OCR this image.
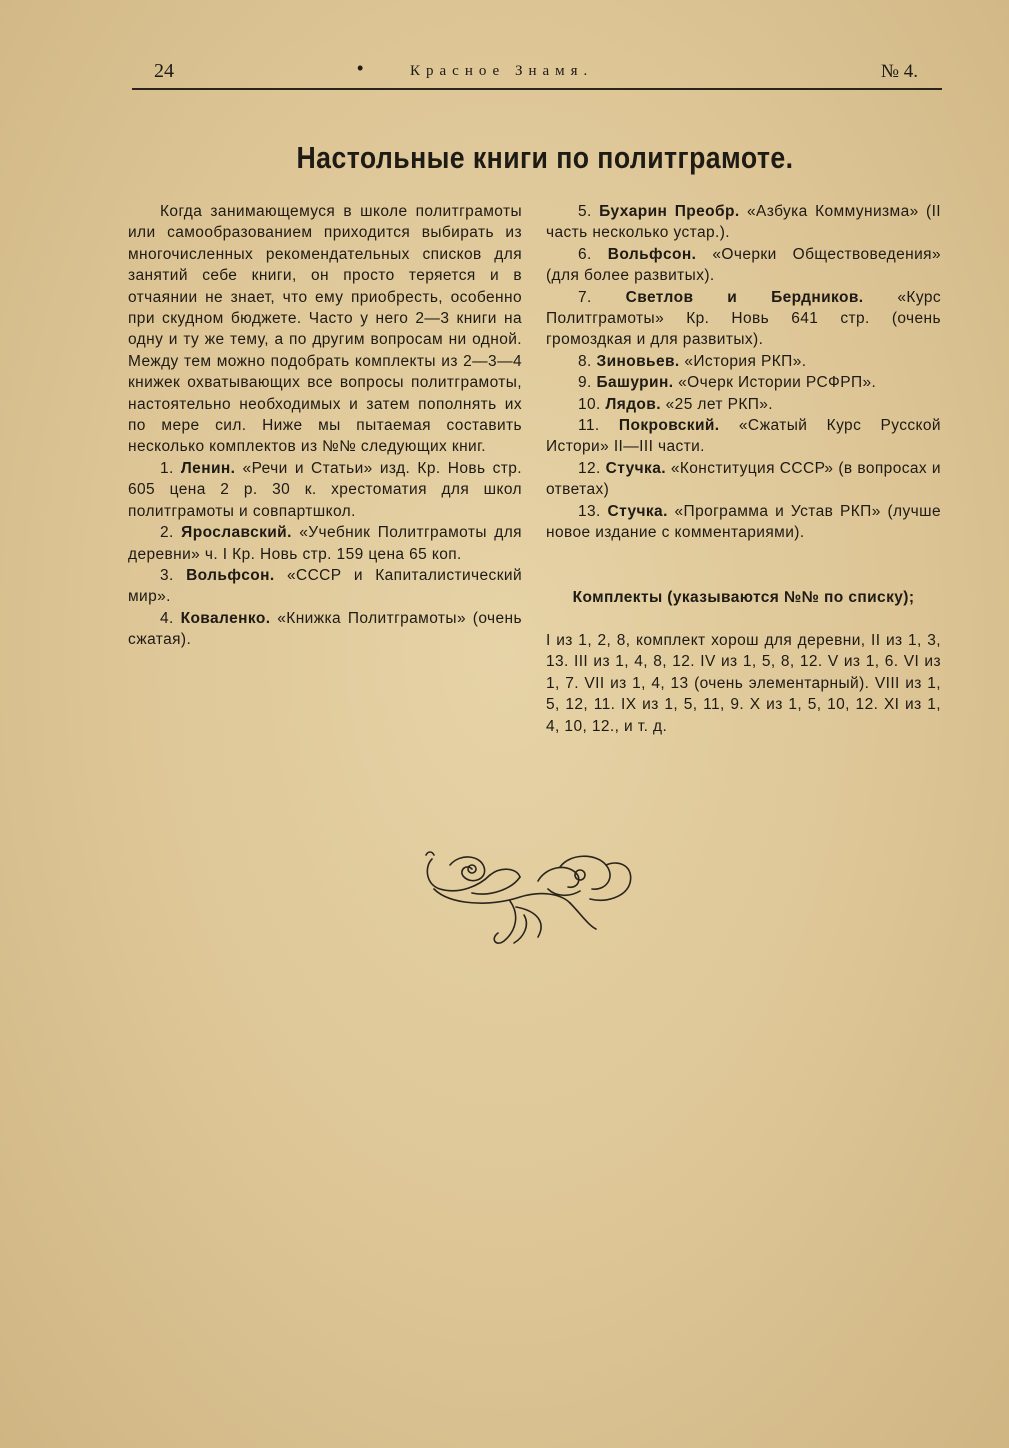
24	•	Красное Знамя.	№ 4.
Настольные книги по политграмоте.

Когда занимающемуся в школе политграмоты или самообразованием приходится выбирать из многочисленных рекомендательных списков для занятий себе книги, он просто теряется и в отчаянии не знает, что ему приобресть, особенно при скудном бюджете. Часто у него 2—3 книги на одну и ту же тему, а по другим вопросам ни одной. Между тем можно подобрать комплекты из 2—3—4 книжек охватывающих все вопросы политграмоты, настоятельно необходимых и затем пополнять их по мере сил. Ниже мы пытаемая составить несколько комплектов из №№ следующих книг.

1. Ленин. «Речи и Статьи» изд. Кр. Новь стр. 605 цена 2 р. 30 к. хрестоматия для школ политграмоты и совпартшкол.

2. Ярославский. «Учебник Политграмоты для деревни» ч. I Кр. Новь стр. 159 цена 65 коп.

3. Вольфсон. «СССР и Капиталистический мир».

4. Коваленко. «Книжка Политграмоты» (очень сжатая).

5. Бухарин Преобр. «Азбука Коммунизма» (II часть несколько устар.).

6. Вольфсон. «Очерки Обществоведения» (для более развитых).

7. Светлов и Бердников. «Курс Политграмоты» Кр. Новь 641 стр. (очень громоздкая и для развитых).

8. Зиновьев. «История РКП».

9. Башурин. «Очерк Истории РСФРП».

10. Лядов. «25 лет РКП».

11. Покровский. «Сжатый Курс Русской Истори» II—III части.

12. Стучка. «Конституция СССР» (в вопросах и ответах)

13. Стучка. «Программа и Устав РКП» (лучше новое издание с комментариями).

Комплекты (указываются №№ по списку);

I из 1, 2, 8, комплект хорош для деревни, II из 1, 3, 13. III из 1, 4, 8, 12. IV из 1, 5, 8, 12. V из 1, 6. VI из 1, 7. VII из 1, 4, 13 (очень элементарный). VIII из 1, 5, 12, 11. IX из 1, 5, 11, 9. X из 1, 5, 10, 12. XI из 1, 4, 10, 12., и т. д.
